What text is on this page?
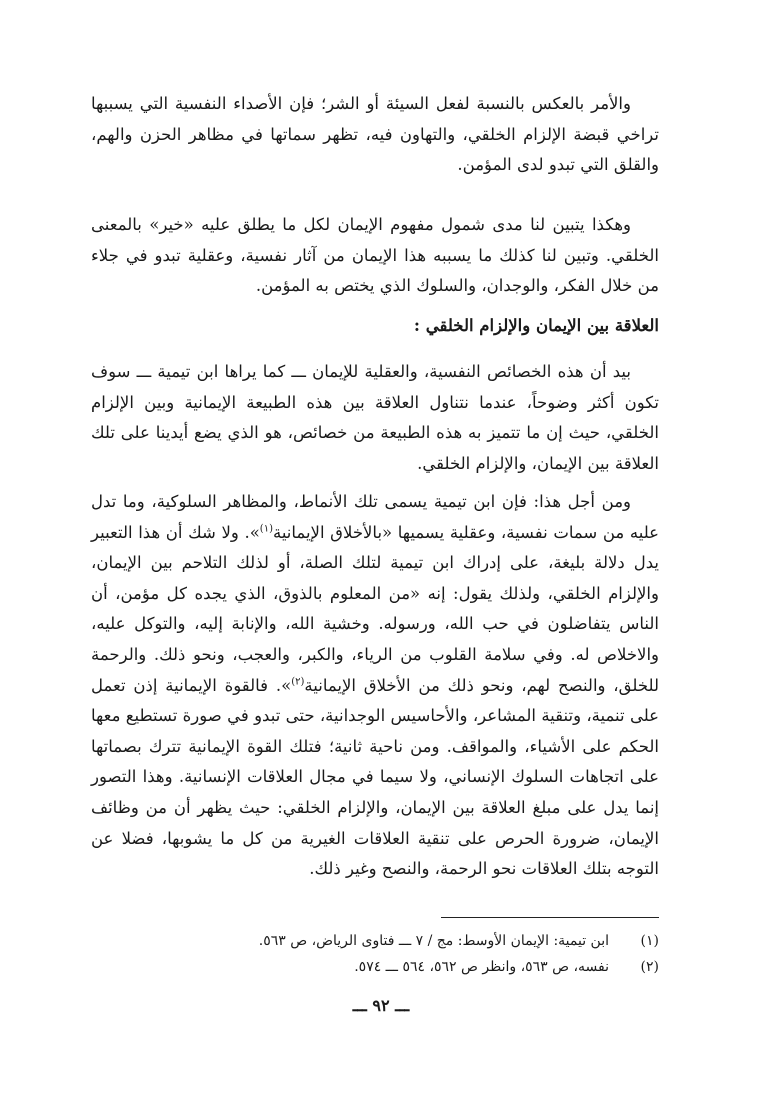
والأمر بالعكس بالنسبة لفعل السيئة أو الشر؛ فإن الأصداء النفسية التي يسببها تراخي قبضة الإلزام الخلقي، والتهاون فيه، تظهر سماتها في مظاهر الحزن والهم، والقلق التي تبدو لدى المؤمن.

وهكذا يتبين لنا مدى شمول مفهوم الإيمان لكل ما يطلق عليه «خير» بالمعنى الخلقي. وتبين لنا كذلك ما يسببه هذا الإيمان من آثار نفسية، وعقلية تبدو في جلاء من خلال الفكر، والوجدان، والسلوك الذي يختص به المؤمن.

العلاقة بين الإيمان والإلزام الخلقي :

بيد أن هذه الخصائص النفسية، والعقلية للإيمان ـــ كما يراها ابن تيمية ـــ سوف تكون أكثر وضوحاً، عندما نتناول العلاقة بين هذه الطبيعة الإيمانية وبين الإلزام الخلقي، حيث إن ما تتميز به هذه الطبيعة من خصائص، هو الذي يضع أيدينا على تلك العلاقة بين الإيمان، والإلزام الخلقي.

ومن أجل هذا: فإن ابن تيمية يسمى تلك الأنماط، والمظاهر السلوكية، وما تدل عليه من سمات نفسية، وعقلية يسميها «بالأخلاق الإيمانية$^{(١)}$». ولا شك أن هذا التعبير يدل دلالة بليغة، على إدراك ابن تيمية لتلك الصلة، أو لذلك التلاحم بين الإيمان، والإلزام الخلقي، ولذلك يقول: إنه «من المعلوم بالذوق، الذي يجده كل مؤمن، أن الناس يتفاضلون في حب الله، ورسوله. وخشية الله، والإنابة إليه، والتوكل عليه، والاخلاص له. وفي سلامة القلوب من الرياء، والكبر، والعجب، ونحو ذلك. والرحمة للخلق، والنصح لهم، ونحو ذلك من الأخلاق الإيمانية$^{(٢)}$». فالقوة الإيمانية إذن تعمل على تنمية، وتنقية المشاعر، والأحاسيس الوجدانية، حتى تبدو في صورة تستطيع معها الحكم على الأشياء، والمواقف. ومن ناحية ثانية؛ فتلك القوة الإيمانية تترك بصماتها على اتجاهات السلوك الإنساني، ولا سيما في مجال العلاقات الإنسانية. وهذا التصور إنما يدل على مبلغ العلاقة بين الإيمان، والإلزام الخلقي: حيث يظهر أن من وظائف الإيمان، ضرورة الحرص على تنقية العلاقات الغيرية من كل ما يشوبها، فضلا عن التوجه بتلك العلاقات نحو الرحمة، والنصح وغير ذلك.

(١)ابن تيمية: الإيمان الأوسط: مج / ٧ ـــ فتاوى الرياض، ص ٥٦٣.
(٢)نفسه، ص ٥٦٣، وانظر ص ٥٦٢، ٥٦٤ ـــ ٥٧٤.
ـــ ٩٢ ـــ
